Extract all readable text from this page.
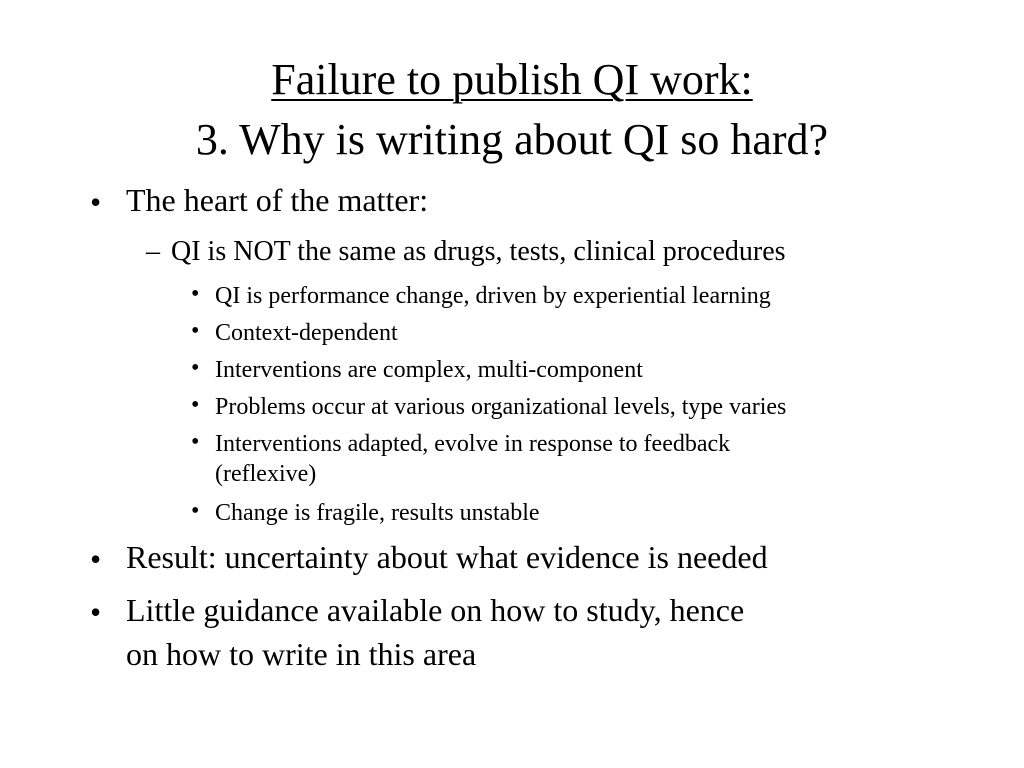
Failure to publish QI work:
3. Why is writing about QI so hard?
• The heart of the matter:
– QI is NOT the same as drugs, tests, clinical procedures
• QI is performance change, driven by experiential learning
• Context-dependent
• Interventions are complex, multi-component
• Problems occur at various organizational levels, type varies
• Interventions adapted, evolve in response to feedback
(reflexive)
• Change is fragile, results unstable
• Result: uncertainty about what evidence is needed
• Little guidance available on how to study, hence
on how to write in this area
